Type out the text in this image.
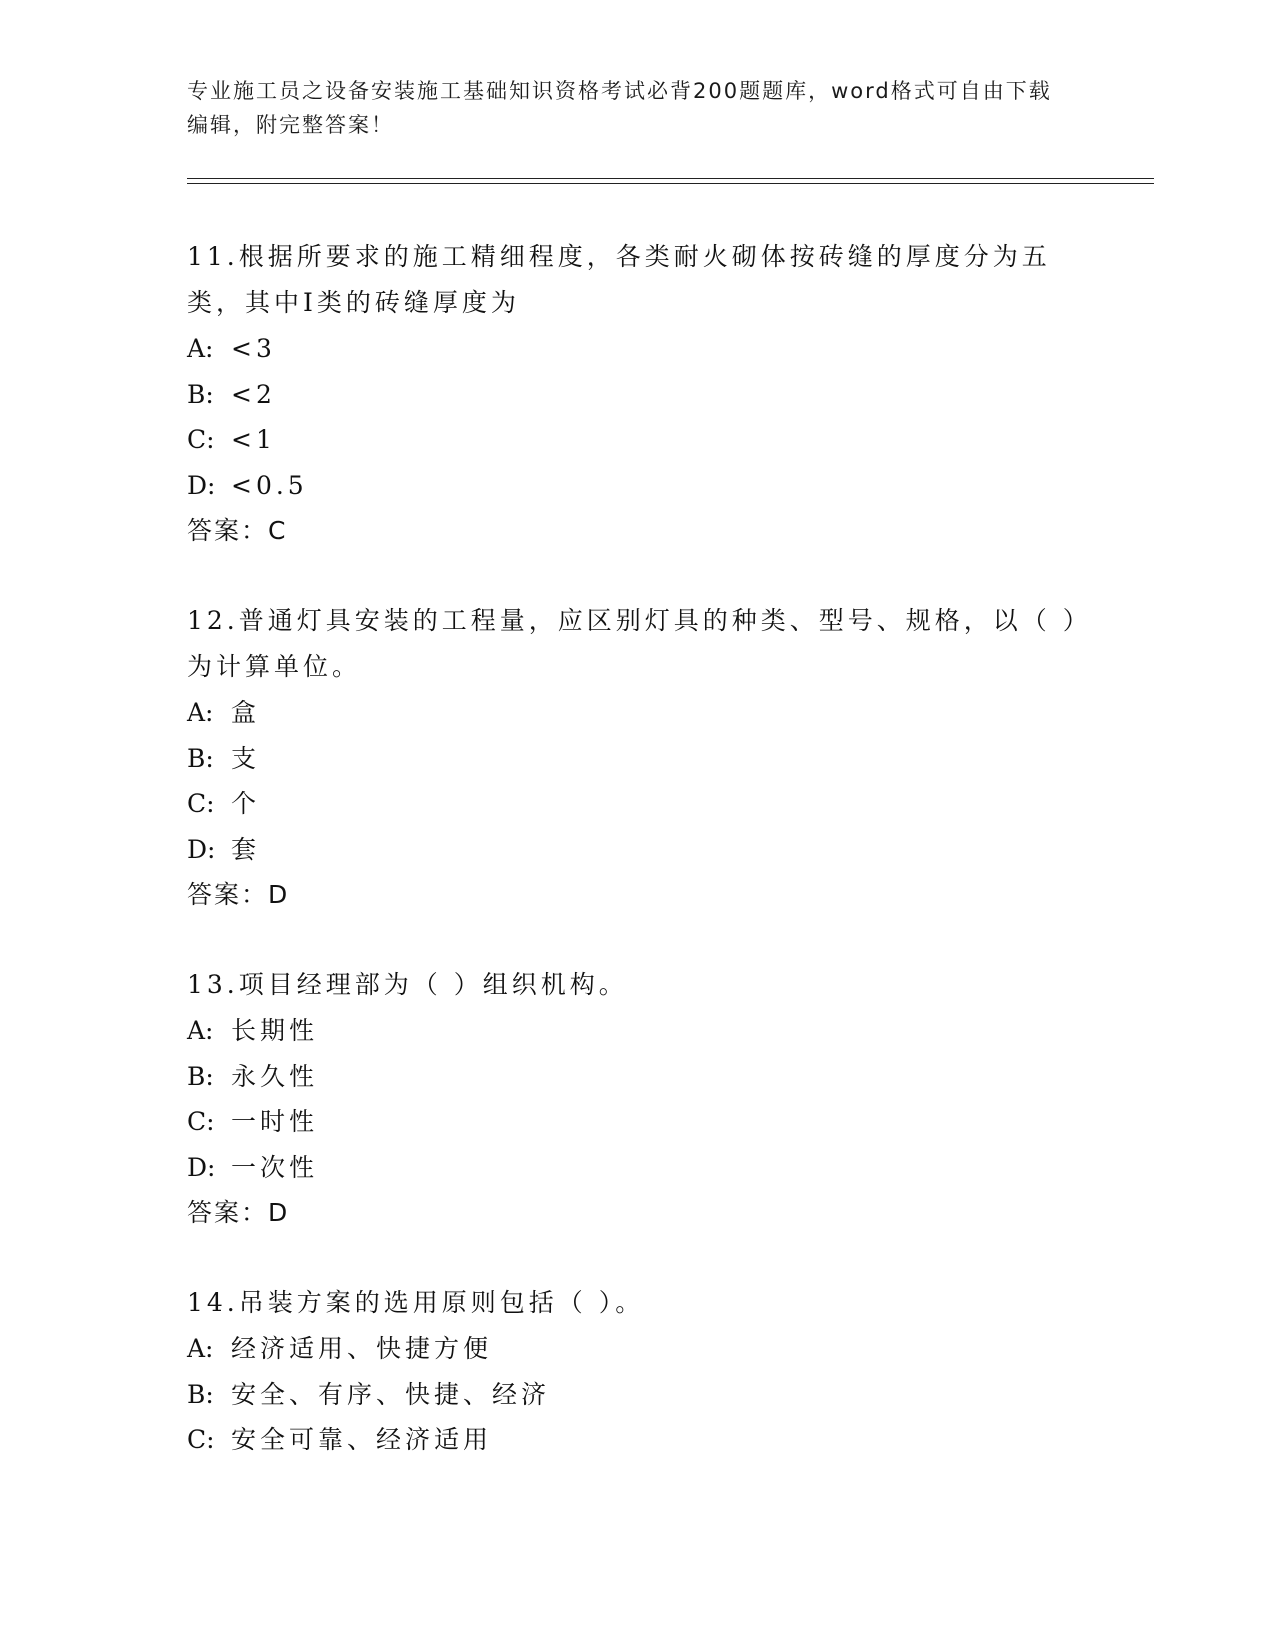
专业施工员之设备安装施工基础知识资格考试必背200题题库，word格式可自由下载编辑，附完整答案！

11.根据所要求的施工精细程度，各类耐火砌体按砖缝的厚度分为五类，其中Ⅰ类的砖缝厚度为

A: <3

B: <2

C: <1

D: <0.5

答案：C

12.普通灯具安装的工程量，应区别灯具的种类、型号、规格，以（ ）为计算单位。

A: 盒

B: 支

C: 个

D: 套

答案：D

13.项目经理部为（ ）组织机构。

A: 长期性

B: 永久性

C: 一时性

D: 一次性

答案：D

14.吊装方案的选用原则包括（ ）。

A: 经济适用、快捷方便

B: 安全、有序、快捷、经济

C: 安全可靠、经济适用
